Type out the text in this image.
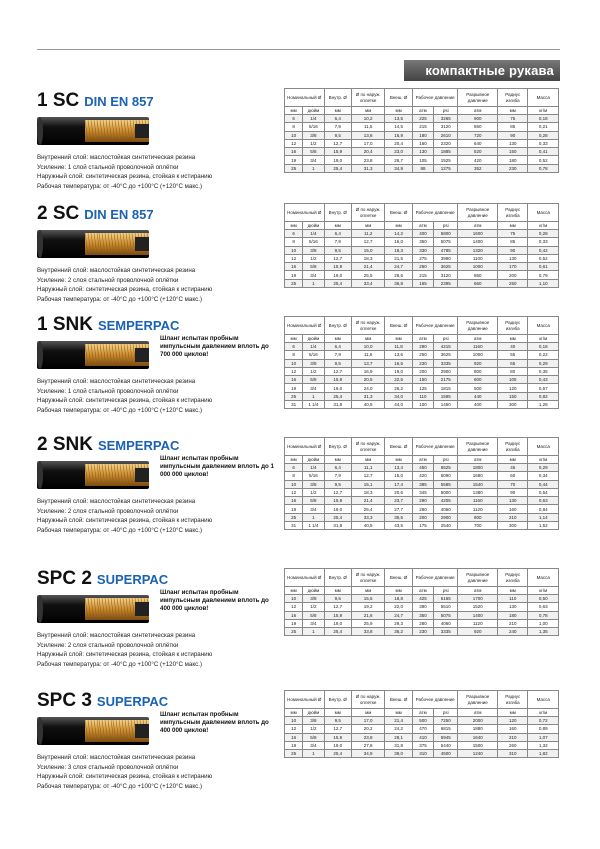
компактные рукава
1 SC DIN EN 857
Внутренний слой: маслостойкая синтетическая резина
Усиление: 1 слой стальной проволочной оплётки
Наружный слой: синтетическая резина, стойкая к истиранию
Рабочая температура: от -40°C до +100°C (+120°C макс.)
Номинальный Ø		Внутр. Ø	Ø по наруж. оплетке	Внеш. Ø	Рабочее давление		Разрывное давление	Радиус изгиба	Масса
мм	дюйм	мм	мм	мм	атм	psi	атм	мм	кг/м
6	1/4	6,4	10,2	13,5	225	3265	900	75	0,18
8	5/16	7,9	11,5	14,5	215	3120	860	85	0,21
10	3/8	9,5	13,6	16,9	180	2610	720	90	0,28
12	1/2	12,7	17,0	20,4	160	2320	640	130	0,33
16	5/8	15,9	20,4	23,0	130	1885	520	150	0,41
19	3/4	19,0	23,8	26,7	105	1525	420	180	0,52
25	1	25,4	31,3	34,9	88	1275	352	230	0,78
2 SC DIN EN 857
Внутренний слой: маслостойкая синтетическая резина
Усиление: 2 слоя стальной проволочной оплётки
Наружный слой: синтетическая резина, стойкая к истиранию
Рабочая температура: от -40°C до +100°C (+120°C макс.)
Номинальный Ø		Внутр. Ø	Ø по наруж. оплетке	Внеш. Ø	Рабочее давление		Разрывное давление	Радиус изгиба	Масса
мм	дюйм	мм	мм	мм	атм	psi	атм	мм	кг/м
6	1/4	6,4	11,2	14,2	400	5800	1600	75	0,28
8	5/16	7,9	12,7	16,0	350	5075	1400	85	0,33
10	3/8	9,5	15,0	18,3	330	4785	1320	90	0,42
12	1/2	12,7	18,3	21,5	275	3990	1100	130	0,52
16	5/8	15,9	21,4	24,7	250	3625	1000	170	0,61
19	3/4	19,0	25,5	28,6	215	3120	860	200	0,79
25	1	25,4	33,4	36,8	165	2395	660	250	1,10
1 SNK SEMPERPAC
Шланг испытан пробным импульсным давлением вплоть до 700 000 циклов!
Внутренний слой: маслостойкая синтетическая резина
Усиление: 1 слой стальной проволочной оплётки
Наружный слой: синтетическая резина, стойкая к истиранию
Рабочая температура: от -40°C до +100°C (+120°C макс.)
Номинальный Ø		Внутр. Ø	Ø по наруж. оплетке	Внеш. Ø	Рабочее давление		Разрывное давление	Радиус изгиба	Масса
мм	дюйм	мм	мм	мм	атм	psi	атм	мм	кг/м
6	1/4	6,4	10,0	11,8	290	4215	1160	40	0,18
8	5/16	7,9	11,6	13,6	250	3625	1000	55	0,22
10	3/8	9,5	13,7	16,5	230	3335	920	65	0,29
12	1/2	12,7	16,9	19,0	200	2900	800	80	0,35
16	5/8	15,9	20,5	22,5	150	2175	600	105	0,43
19	3/4	19,0	24,0	26,2	125	1815	500	120	0,57
25	1	25,4	31,3	34,0	110	1595	440	150	0,82
31	1 1/4	31,8	40,5	44,0	100	1450	400	300	1,28
2 SNK SEMPERPAC
Шланг испытан пробным импульсным давлением вплоть до 1 000 000 циклов!
Внутренний слой: маслостойкая синтетическая резина
Усиление: 2 слоя стальной проволочной оплётки
Наружный слой: синтетическая резина, стойкая к истиранию
Рабочая температура: от -40°C до +100°C (+120°C макс.)
Номинальный Ø		Внутр. Ø	Ø по наруж. оплетке	Внеш. Ø	Рабочее давление		Разрывное давление	Радиус изгиба	Масса
мм	дюйм	мм	мм	мм	атм	psi	атм	мм	кг/м
6	1/4	6,4	11,1	13,4	450	6525	1800	45	0,29
8	5/16	7,9	12,7	15,0	420	6090	1680	60	0,34
10	3/8	9,5	15,1	17,4	385	5585	1540	70	0,44
12	1/2	12,7	18,3	20,6	345	5000	1380	90	0,54
16	5/8	15,9	21,4	23,7	290	4205	1160	130	0,63
19	3/4	19,0	25,4	27,7	280	4060	1120	160	0,84
25	1	25,4	33,3	35,6	200	2900	800	210	1,14
31	1 1/4	31,8	40,5	43,5	175	2540	700	300	1,52
SPC 2 SUPERPAC
Шланг испытан пробным импульсным давлением вплоть до 400 000 циклов!
Внутренний слой: маслостойкая синтетическая резина
Усиление: 2 слоя стальной проволочной оплётки
Наружный слой: синтетическая резина, стойкая к истиранию
Рабочая температура: от -40°C до +100°C (+120°C макс.)
Номинальный Ø		Внутр. Ø	Ø по наруж. оплетке	Внеш. Ø	Рабочее давление		Разрывное давление	Радиус изгиба	Масса
мм	дюйм	мм	мм	мм	атм	psi	атм	мм	кг/м
10	3/8	9,5	15,5	18,8	425	6165	1700	110	0,50
12	1/2	12,7	19,2	22,0	380	5510	1520	130	0,63
16	5/8	15,9	21,6	24,7	350	5075	1400	180	0,78
19	3/4	19,0	25,9	29,3	280	4060	1120	210	1,00
25	1	25,4	33,8	36,2	230	3335	920	240	1,35
SPC 3 SUPERPAC
Шланг испытан пробным импульсным давлением вплоть до 400 000 циклов!
Внутренний слой: маслостойкая синтетическая резина
Усиление: 3 слоя стальной проволочной оплётки
Наружный слой: синтетическая резина, стойкая к истиранию
Рабочая температура: от -40°C до +100°C (+120°C макс.)
Номинальный Ø		Внутр. Ø	Ø по наруж. оплетке	Внеш. Ø	Рабочее давление		Разрывное давление	Радиус изгиба	Масса
мм	дюйм	мм	мм	мм	атм	psi	атм	мм	кг/м
10	3/8	9,5	17,0	21,4	500	7250	2000	120	0,72
12	1/2	12,7	20,2	24,2	470	6815	1880	160	0,89
16	5/8	15,9	23,8	28,1	410	5945	1640	210	1,07
19	3/4	19,0	27,8	31,8	375	5440	1500	260	1,32
25	1	25,4	34,9	39,0	310	4500	1240	310	1,82
